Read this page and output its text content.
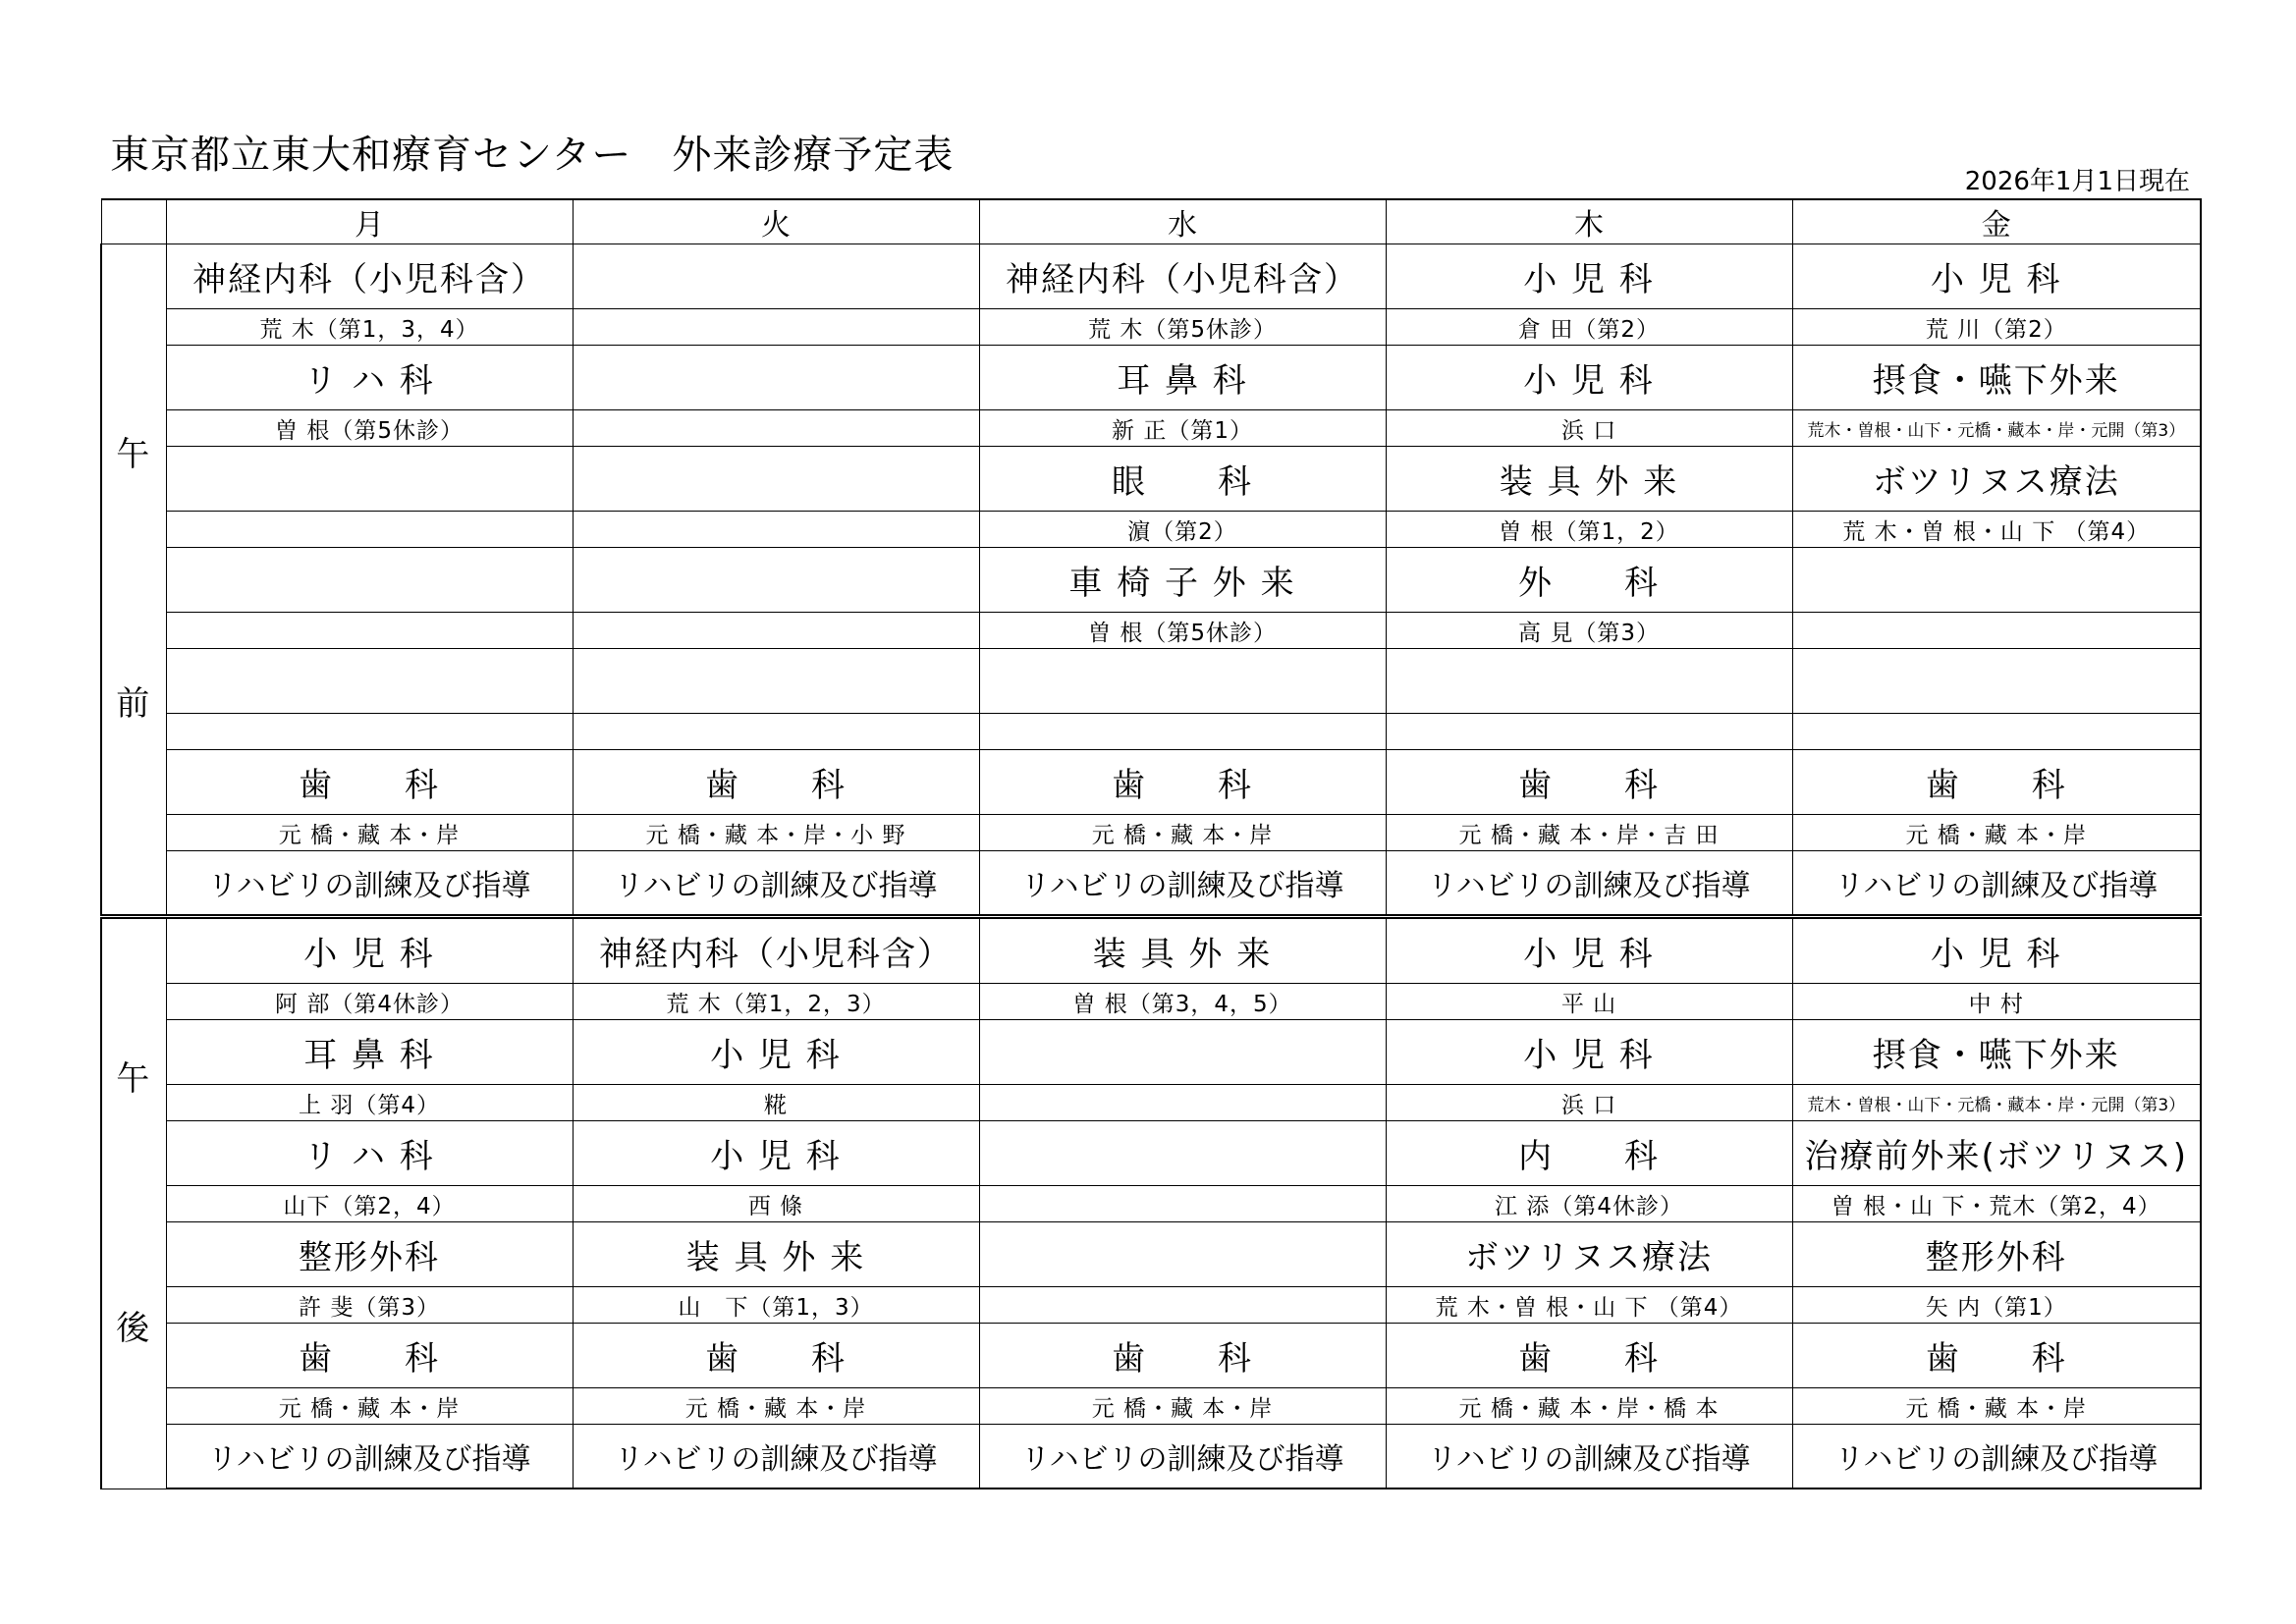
東京都立東大和療育センター　外来診療予定表
2026年1月1日現在
	月	火	水	木	金

午
前	神経内科（小児科含）		神経内科（小児科含）	小 児 科	小 児 科
	荒 木（第1，3，4）		荒 木（第5休診）	倉 田（第2）	荒 川（第2）
	リ ハ 科		耳 鼻 科	小 児 科	摂食・嚥下外来
	曽 根（第5休診）		新 正（第1）	浜 口	荒木・曽根・山下・元橋・藏本・岸・元開（第3）
			眼　　科	装 具 外 来	ボツリヌス療法
			濵（第2）	曽 根（第1，2）	荒 木・曽 根・山 下 （第4）
			車 椅 子 外 来	外　　科	
			曽 根（第5休診）	高 見（第3）	

	歯　　科	歯　　科	歯　　科	歯　　科	歯　　科
	元 橋・藏 本・岸	元 橋・藏 本・岸・小 野	元 橋・藏 本・岸	元 橋・藏 本・岸・吉 田	元 橋・藏 本・岸
	リハビリの訓練及び指導	リハビリの訓練及び指導	リハビリの訓練及び指導	リハビリの訓練及び指導	リハビリの訓練及び指導

午
後	小 児 科	神経内科（小児科含）	装 具 外 来	小 児 科	小 児 科
	阿 部（第4休診）	荒 木（第1，2，3）	曽 根（第3，4，5）	平 山	中 村
	耳 鼻 科	小 児 科		小 児 科	摂食・嚥下外来
	上 羽（第4）	糀		浜 口	荒木・曽根・山下・元橋・藏本・岸・元開（第3）
	リ ハ 科	小 児 科		内　　科	治療前外来(ボツリヌス)
	山下（第2，4）	西 條		江 添（第4休診）	曽 根・山 下・荒木（第2，4）
	整形外科	装 具 外 来		ボツリヌス療法	整形外科
	許 斐（第3）	山　下（第1，3）		荒 木・曽 根・山 下 （第4）	矢 内（第1）
	歯　　科	歯　　科	歯　　科	歯　　科	歯　　科
	元 橋・藏 本・岸	元 橋・藏 本・岸	元 橋・藏 本・岸	元 橋・藏 本・岸・橋 本	元 橋・藏 本・岸
	リハビリの訓練及び指導	リハビリの訓練及び指導	リハビリの訓練及び指導	リハビリの訓練及び指導	リハビリの訓練及び指導
